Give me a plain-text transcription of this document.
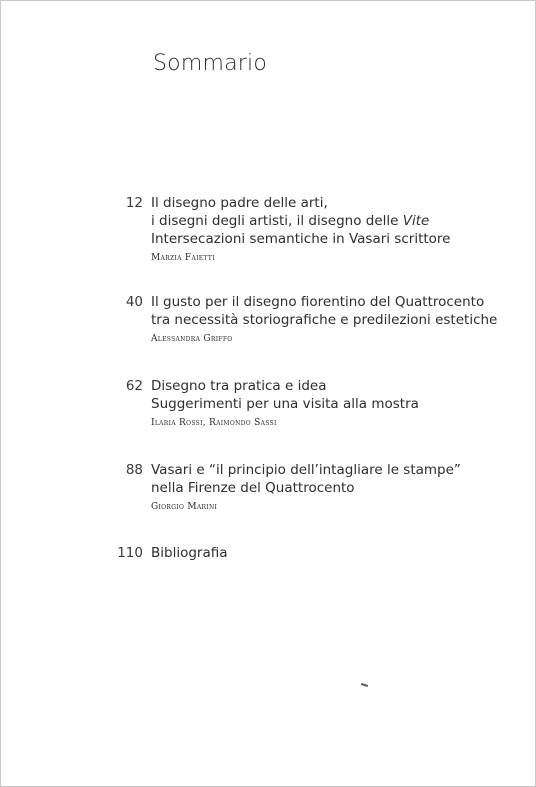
Sommario
12 Il disegno padre delle arti,
i disegni degli artisti, il disegno delle Vite
Intersecazioni semantiche in Vasari scrittore
Marzia Faietti
40 Il gusto per il disegno fiorentino del Quattrocento
tra necessità storiografiche e predilezioni estetiche
Alessandra Griffo
62 Disegno tra pratica e idea
Suggerimenti per una visita alla mostra
Ilaria Rossi, Raimondo Sassi
88 Vasari e “il principio dell’intagliare le stampe”
nella Firenze del Quattrocento
Giorgio Marini
110 Bibliografia
